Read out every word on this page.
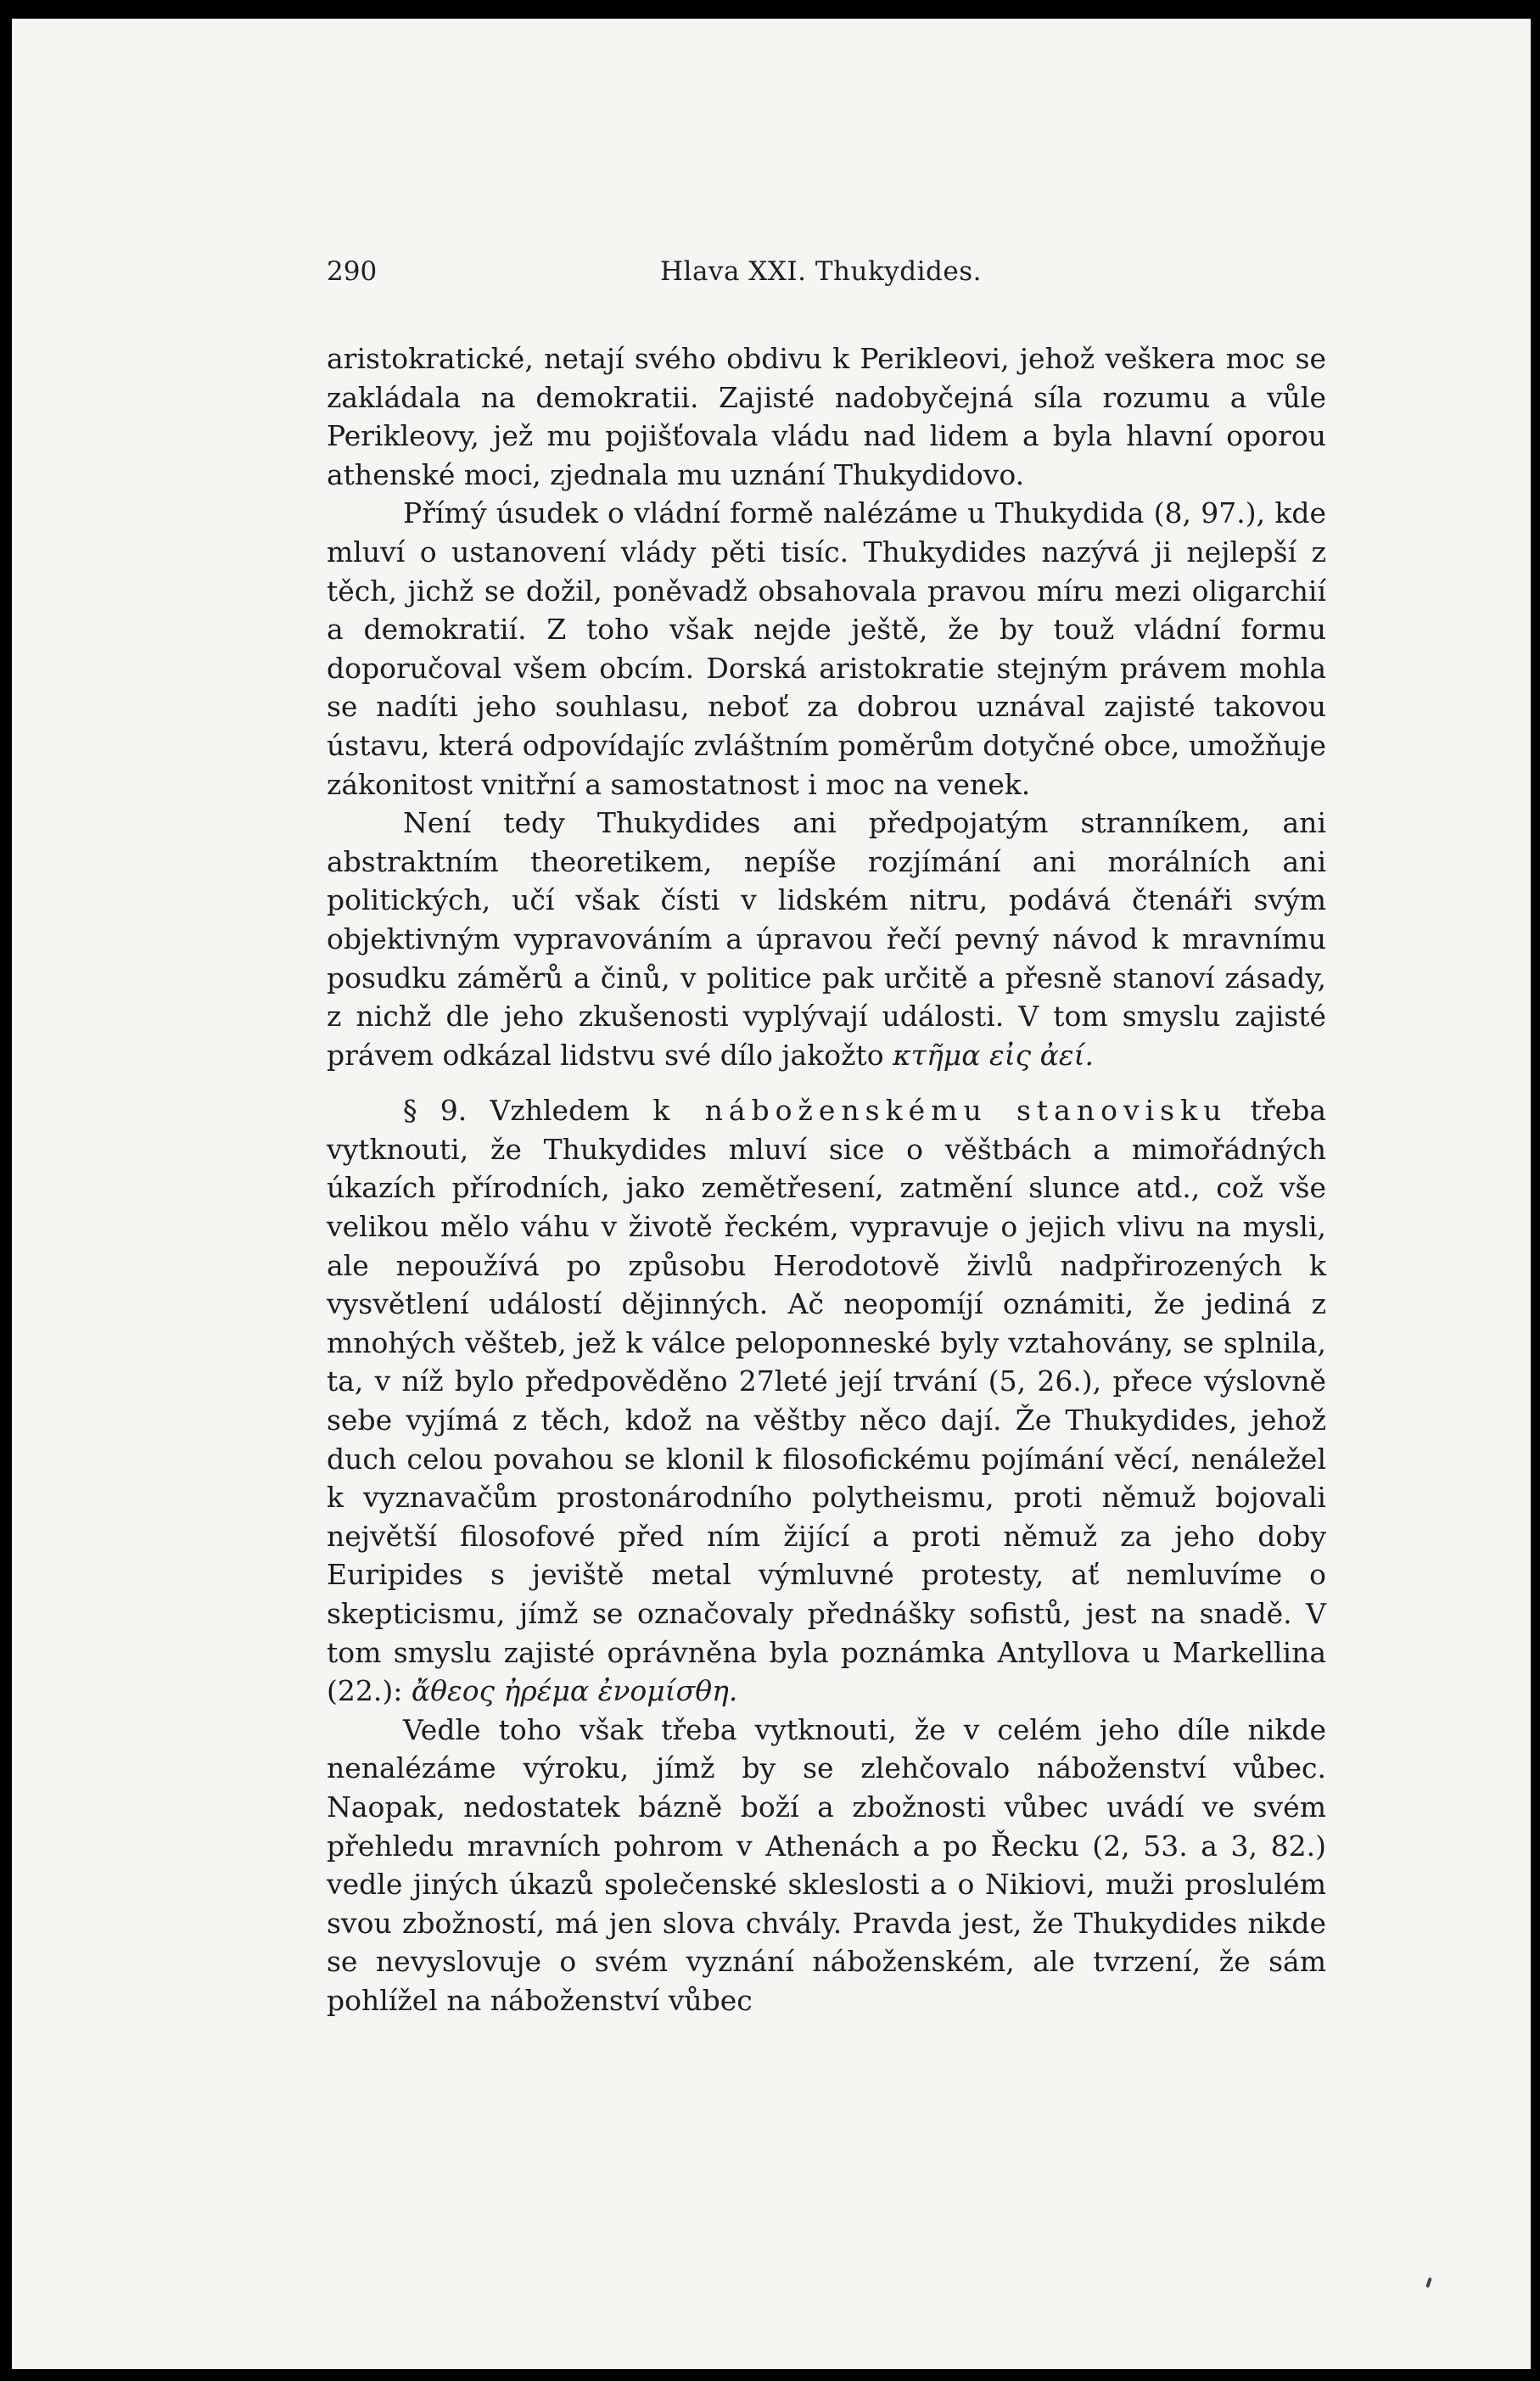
290	Hlava XXI. Thukydides.

aristokratické, netají svého obdivu k Perikleovi, jehož veškera moc se zakládala na demokratii. Zajisté nadobyčejná síla rozumu a vůle Perikleovy, jež mu pojišťovala vládu nad lidem a byla hlavní oporou athenské moci, zjednala mu uznání Thukydidovo.

Přímý úsudek o vládní formě nalézáme u Thukydida (8, 97.), kde mluví o ustanovení vlády pěti tisíc. Thukydides nazývá ji nejlepší z těch, jichž se dožil, poněvadž obsahovala pravou míru mezi oligarchií a demokratií. Z toho však nejde ještě, že by touž vládní formu doporučoval všem obcím. Dorská aristokratie stejným právem mohla se nadíti jeho souhlasu, neboť za dobrou uznával zajisté takovou ústavu, která odpovídajíc zvláštním poměrům dotyčné obce, umožňuje zákonitost vnitřní a samostatnost i moc na venek.

Není tedy Thukydides ani předpojatým stranníkem, ani abstraktním theoretikem, nepíše rozjímání ani morálních ani politických, učí však čísti v lidském nitru, podává čtenáři svým objektivným vypravováním a úpravou řečí pevný návod k mravnímu posudku záměrů a činů, v politice pak určitě a přesně stanoví zásady, z nichž dle jeho zkušenosti vyplývají události. V tom smyslu zajisté právem odkázal lidstvu své dílo jakožto κτῆμα εἰς ἀεί.

§ 9. Vzhledem k náboženskému stanovisku třeba vytknouti, že Thukydides mluví sice o věštbách a mimořádných úkazích přírodních, jako zemětřesení, zatmění slunce atd., což vše velikou mělo váhu v životě řeckém, vypravuje o jejich vlivu na mysli, ale nepoužívá po způsobu Herodotově živlů nadpřirozených k vysvětlení událostí dějinných. Ač neopomíjí oznámiti, že jediná z mnohých věšteb, jež k válce peloponneské byly vztahovány, se splnila, ta, v níž bylo předpověděno 27leté její trvání (5, 26.), přece výslovně sebe vyjímá z těch, kdož na věštby něco dají. Že Thukydides, jehož duch celou povahou se klonil k filosofickému pojímání věcí, nenáležel k vyznavačům prostonárodního polytheismu, proti němuž bojovali největší filosofové před ním žijící a proti němuž za jeho doby Euripides s jeviště metal výmluvné protesty, ať nemluvíme o skepticismu, jímž se označovaly přednášky sofistů, jest na snadě. V tom smyslu zajisté oprávněna byla poznámka Antyllova u Markellina (22.): ἄθεος ἠρέμα ἐνομίσθη.

Vedle toho však třeba vytknouti, že v celém jeho díle nikde nenalézáme výroku, jímž by se zlehčovalo náboženství vůbec. Naopak, nedostatek bázně boží a zbožnosti vůbec uvádí ve svém přehledu mravních pohrom v Athenách a po Řecku (2, 53. a 3, 82.) vedle jiných úkazů společenské skleslosti a o Nikiovi, muži proslulém svou zbožností, má jen slova chvály. Pravda jest, že Thukydides nikde se nevyslovuje o svém vyznání náboženském, ale tvrzení, že sám pohlížel na náboženství vůbec
